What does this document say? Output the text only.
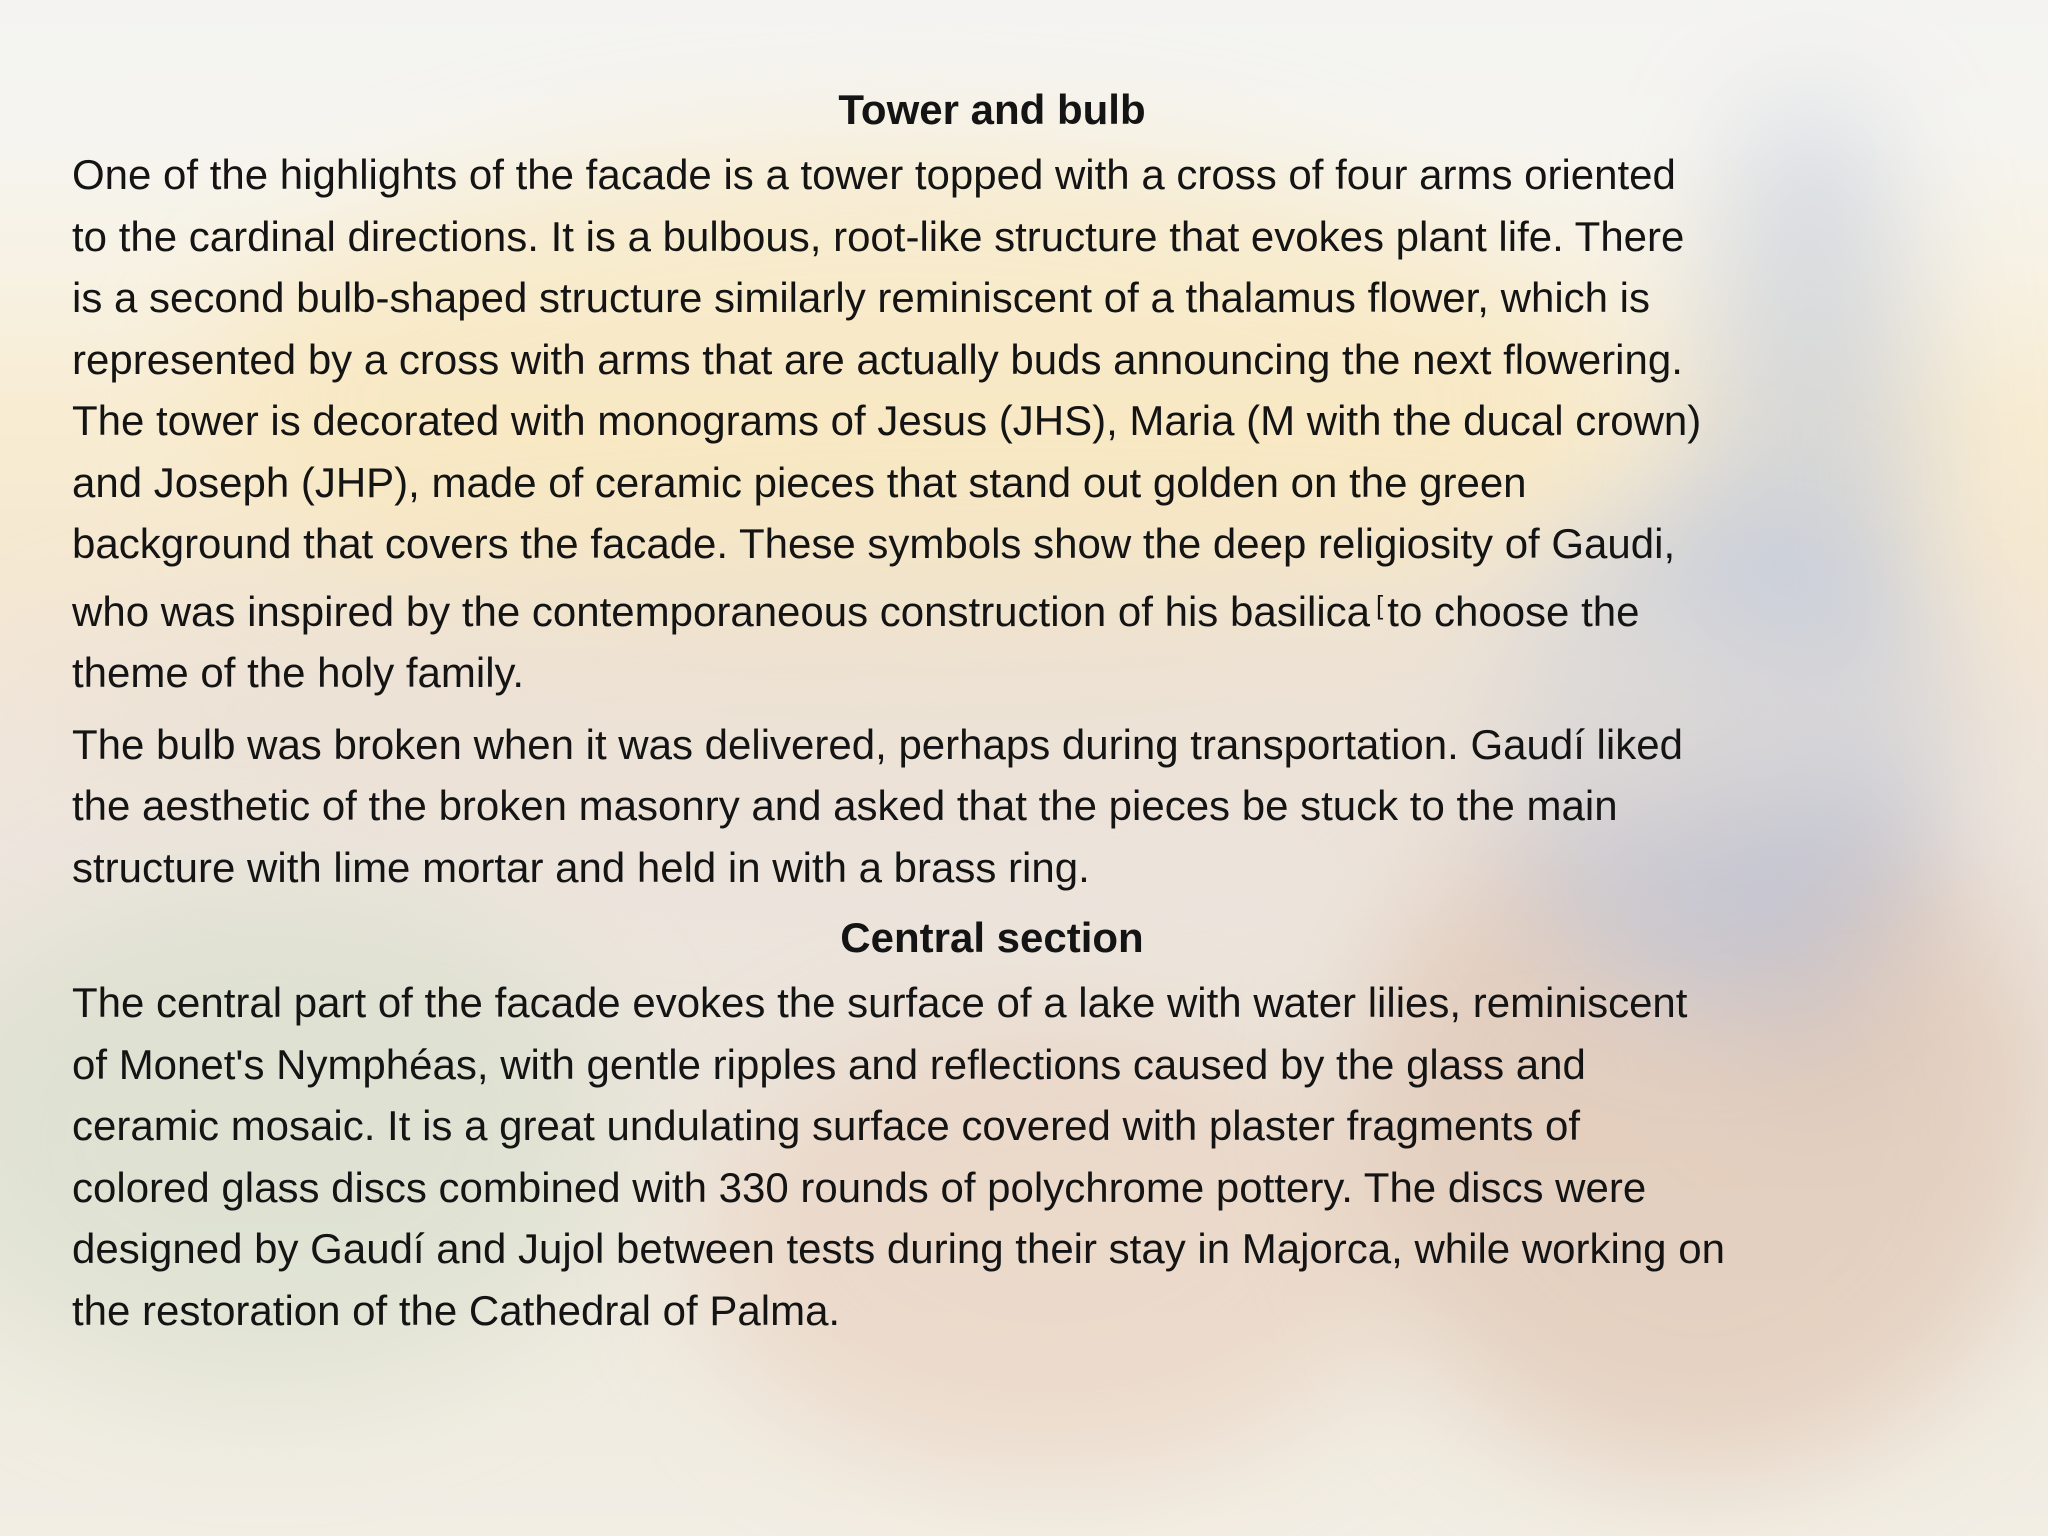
Tower and bulb

One of the highlights of the facade is a tower topped with a cross of four arms oriented
to the cardinal directions. It is a bulbous, root-like structure that evokes plant life. There
is a second bulb-shaped structure similarly reminiscent of a thalamus flower, which is
represented by a cross with arms that are actually buds announcing the next flowering.
The tower is decorated with monograms of Jesus (JHS), Maria (M with the ducal crown)
and Joseph (JHP), made of ceramic pieces that stand out golden on the green
background that covers the facade. These symbols show the deep religiosity of Gaudi,
who was inspired by the contemporaneous construction of his basilica [to choose the
theme of the holy family.

The bulb was broken when it was delivered, perhaps during transportation. Gaudí liked
the aesthetic of the broken masonry and asked that the pieces be stuck to the main
structure with lime mortar and held in with a brass ring.

Central section

The central part of the facade evokes the surface of a lake with water lilies, reminiscent
of Monet's Nymphéas, with gentle ripples and reflections caused by the glass and
ceramic mosaic. It is a great undulating surface covered with plaster fragments of
colored glass discs combined with 330 rounds of polychrome pottery. The discs were
designed by Gaudí and Jujol between tests during their stay in Majorca, while working on
the restoration of the Cathedral of Palma.
